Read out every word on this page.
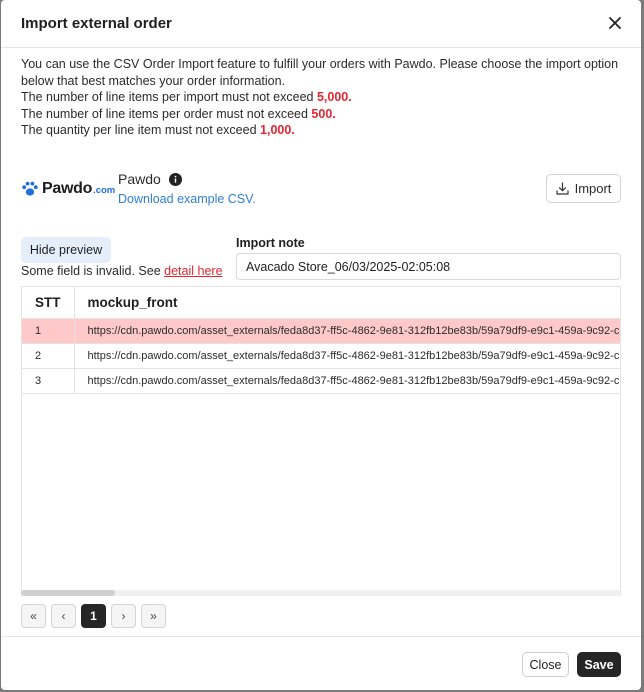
Import external order
You can use the CSV Order Import feature to fulfill your orders with Pawdo. Please choose the import option below that best matches your order information.
The number of line items per import must not exceed 5,000.
The number of line items per order must not exceed 500.
The quantity per line item must not exceed 1,000.
Pawdo .com
Pawdo
Download example CSV.
Import
Hide preview
Some field is invalid. See detail here
Import note
Avacado Store_06/03/2025-02:05:08
STT	mockup_front
1	https://cdn.pawdo.com/asset_externals/feda8d37-ff5c-4862-9e81-312fb12be83b/59a79df9-e9c1-459a-9c92-c
2	https://cdn.pawdo.com/asset_externals/feda8d37-ff5c-4862-9e81-312fb12be83b/59a79df9-e9c1-459a-9c92-c
3	https://cdn.pawdo.com/asset_externals/feda8d37-ff5c-4862-9e81-312fb12be83b/59a79df9-e9c1-459a-9c92-c
«	‹	1	›	»
Close	Save
